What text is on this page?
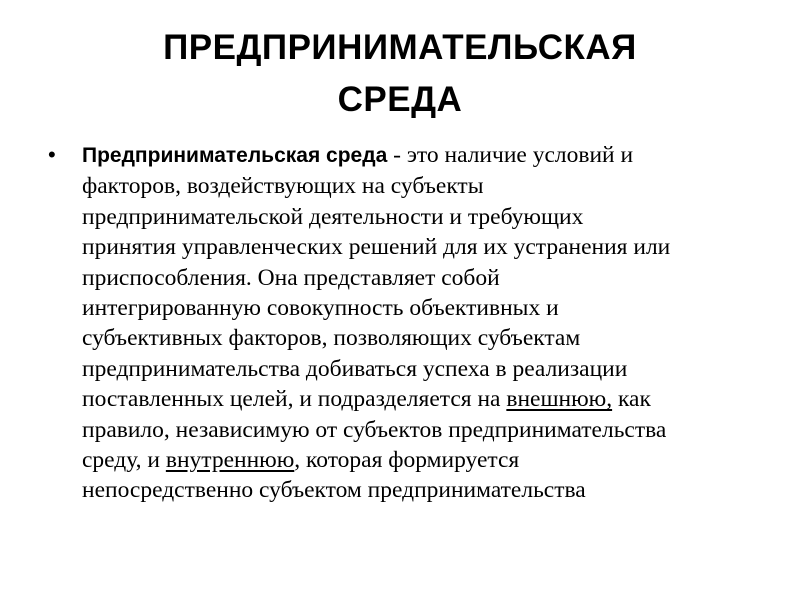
ПРЕДПРИНИМАТЕЛЬСКАЯ
СРЕДА
• Предпринимательская среда - это наличие условий и
факторов, воздействующих на субъекты
предпринимательской деятельности и требующих
принятия управленческих решений для их устранения или
приспособления. Она представляет собой
интегрированную совокупность объективных и
субъективных факторов, позволяющих субъектам
предпринимательства добиваться успеха в реализации
поставленных целей, и подразделяется на внешнюю, как
правило, независимую от субъектов предпринимательства
среду, и внутреннюю, которая формируется
непосредственно субъектом предпринимательства
